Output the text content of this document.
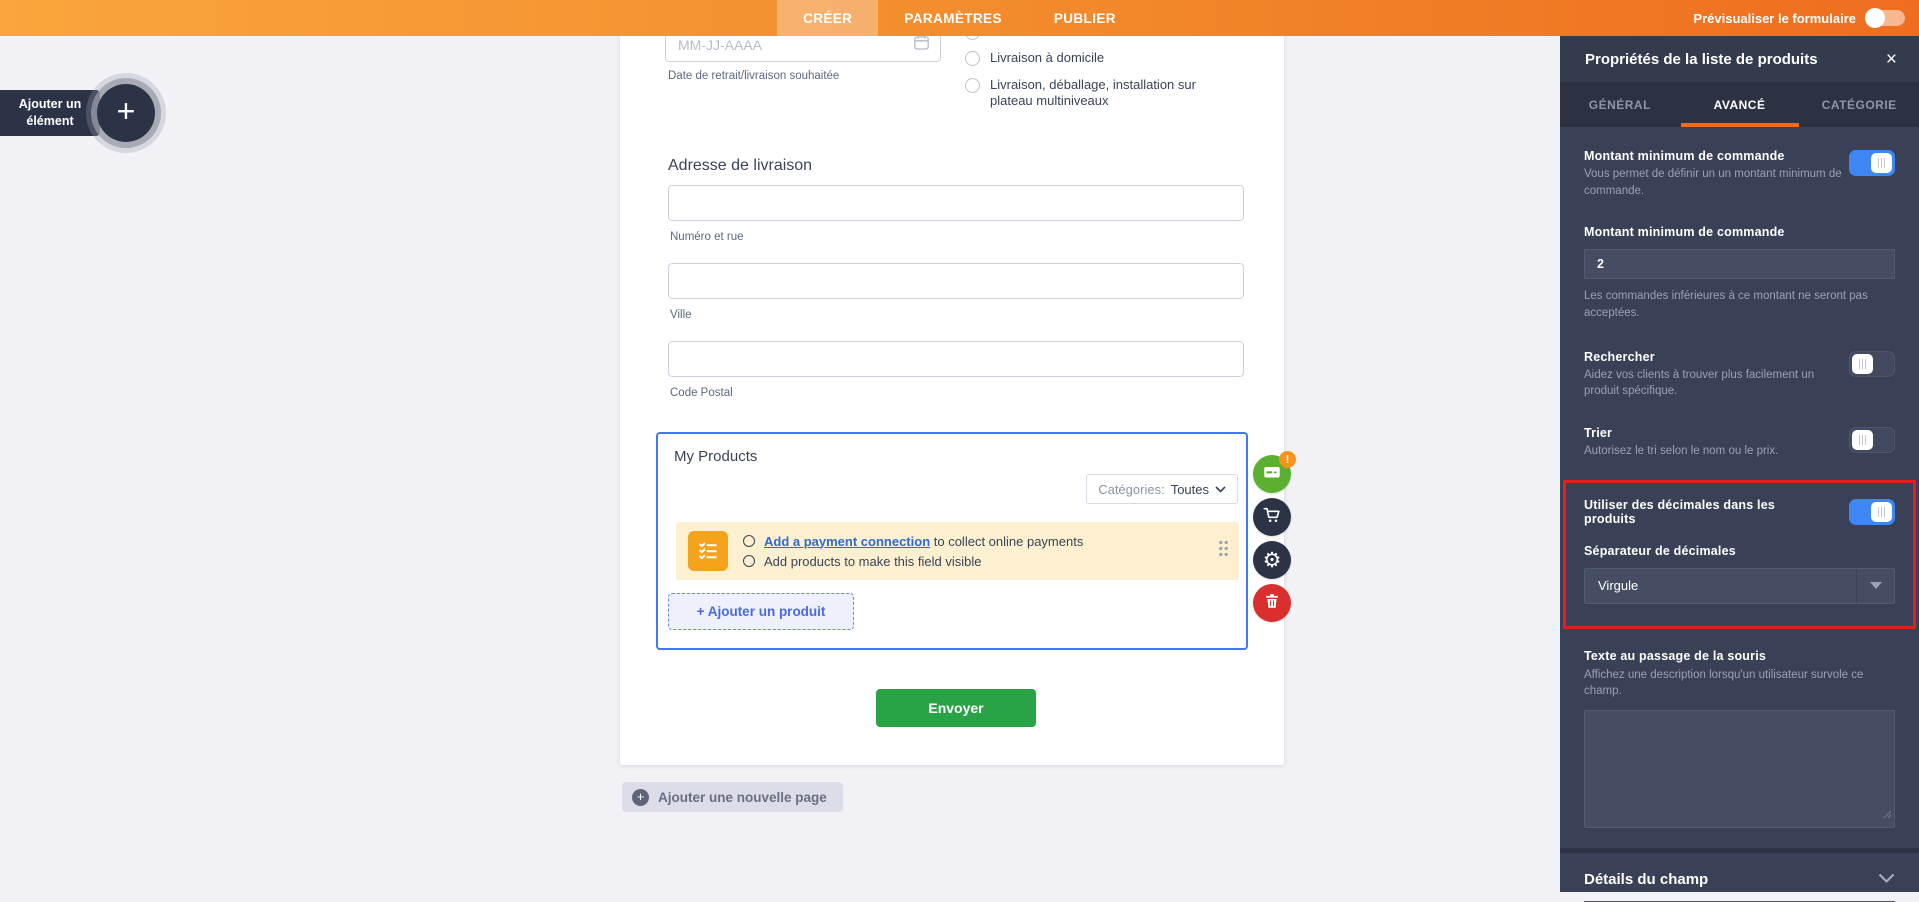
MM-JJ-AAAA
Date de retrait/livraison souhaitée
Livraison à domicile
Livraison, déballage, installation sur plateau multiniveaux
Adresse de livraison
Numéro et rue
Ville
Code Postal
My Products
Catégories: Toutes
Add a payment connection to collect online payments
Add products to make this field visible
+ Ajouter un produit
Envoyer
!
⚙
+
Ajouter une nouvelle page
Ajouter un
élément
+
CRÉER	PARAMÈTRES	PUBLIER	Prévisualiser le formulaire
Propriétés de la liste de produits	×
GÉNÉRAL	AVANCÉ	CATÉGORIE
Montant minimum de commande
Vous permet de définir un un montant minimum de commande.
Montant minimum de commande
2
Les commandes inférieures à ce montant ne seront pas acceptées.
Rechercher
Aidez vos clients à trouver plus facilement un produit spécifique.
Trier
Autorisez le tri selon le nom ou le prix.
Utiliser des décimales dans les produits
Séparateur de décimales
Virgule
Texte au passage de la souris
Affichez une description lorsqu'un utilisateur survole ce champ.
Détails du champ
